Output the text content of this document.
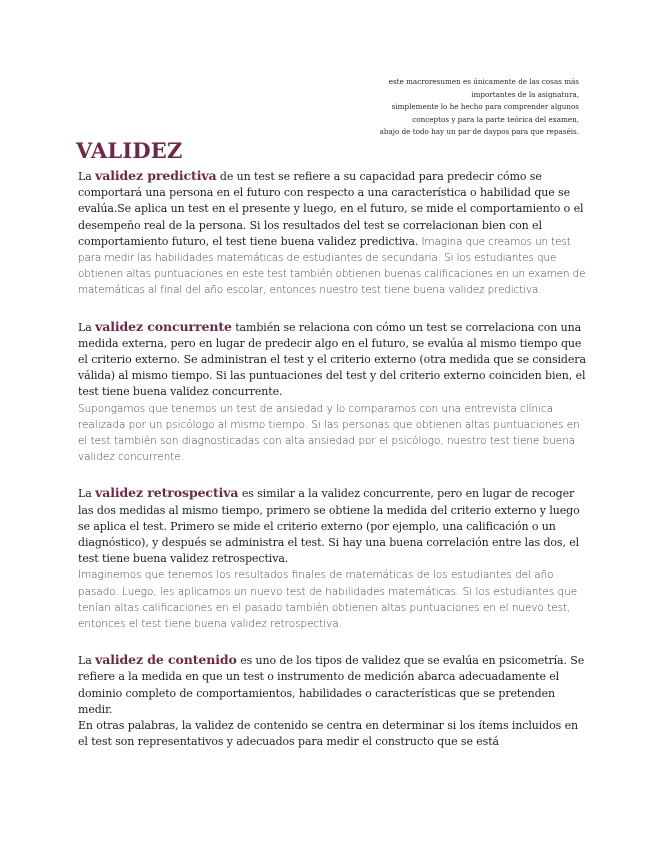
este macroresumen es únicamente de las cosas más
importantes de la asignatura,
simplemente lo he hecho para comprender algunos
conceptos y para la parte teórica del examen,
abajo de todo hay un par de daypos para que repaséis.
VALIDEZ
La validez predictiva de un test se refiere a su capacidad para predecir cómo se comportará una persona en el futuro con respecto a una característica o habilidad que se evalúa.Se aplica un test en el presente y luego, en el futuro, se mide el comportamiento o el desempeño real de la persona. Si los resultados del test se correlacionan bien con el comportamiento futuro, el test tiene buena validez predictiva. Imagina que creamos un test para medir las habilidades matemáticas de estudiantes de secundaria. Si los estudiantes que obtienen altas puntuaciones en este test también obtienen buenas calificaciones en un examen de matemáticas al final del año escolar, entonces nuestro test tiene buena validez predictiva.
La validez concurrente también se relaciona con cómo un test se correlaciona con una medida externa, pero en lugar de predecir algo en el futuro, se evalúa al mismo tiempo que el criterio externo. Se administran el test y el criterio externo (otra medida que se considera válida) al mismo tiempo. Si las puntuaciones del test y del criterio externo coinciden bien, el test tiene buena validez concurrente.
Supongamos que tenemos un test de ansiedad y lo comparamos con una entrevista clínica realizada por un psicólogo al mismo tiempo. Si las personas que obtienen altas puntuaciones en el test también son diagnosticadas con alta ansiedad por el psicólogo, nuestro test tiene buena validez concurrente.
La validez retrospectiva es similar a la validez concurrente, pero en lugar de recoger las dos medidas al mismo tiempo, primero se obtiene la medida del criterio externo y luego se aplica el test. Primero se mide el criterio externo (por ejemplo, una calificación o un diagnóstico), y después se administra el test. Si hay una buena correlación entre las dos, el test tiene buena validez retrospectiva.
Imaginemos que tenemos los resultados finales de matemáticas de los estudiantes del año pasado. Luego, les aplicamos un nuevo test de habilidades matemáticas. Si los estudiantes que tenían altas calificaciones en el pasado también obtienen altas puntuaciones en el nuevo test, entonces el test tiene buena validez retrospectiva.
La validez de contenido es uno de los tipos de validez que se evalúa en psicometría. Se refiere a la medida en que un test o instrumento de medición abarca adecuadamente el dominio completo de comportamientos, habilidades o características que se pretenden medir.
En otras palabras, la validez de contenido se centra en determinar si los ítems incluidos en el test son representativos y adecuados para medir el constructo que se está
